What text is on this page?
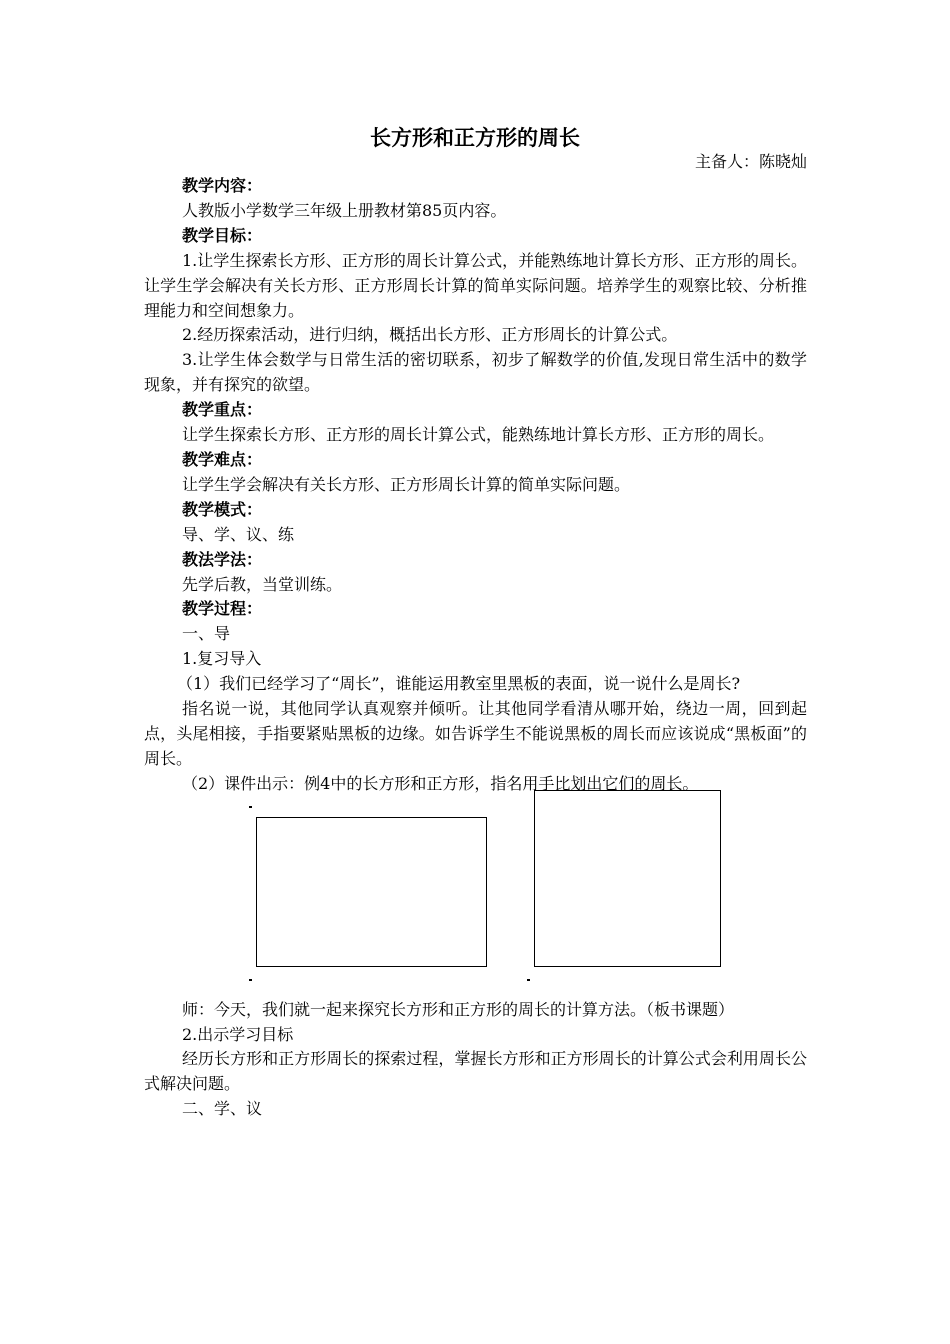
长方形和正方形的周长
主备人：陈晓灿

教学内容：

人教版小学数学三年级上册教材第85页内容。

教学目标：

1.让学生探索长方形、正方形的周长计算公式，并能熟练地计算长方形、正方形的周长。让学生学会解决有关长方形、正方形周长计算的简单实际问题。培养学生的观察比较、分析推理能力和空间想象力。

2.经历探索活动，进行归纳，概括出长方形、正方形周长的计算公式。

3.让学生体会数学与日常生活的密切联系，初步了解数学的价值,发现日常生活中的数学现象，并有探究的欲望。

教学重点：

让学生探索长方形、正方形的周长计算公式，能熟练地计算长方形、正方形的周长。

教学难点：

让学生学会解决有关长方形、正方形周长计算的简单实际问题。

教学模式：

导、学、议、练

教法学法：

先学后教，当堂训练。

教学过程：

一、导

1.复习导入

（1）我们已经学习了“周长”，谁能运用教室里黑板的表面，说一说什么是周长?

指名说一说，其他同学认真观察并倾听。让其他同学看清从哪开始，绕边一周，回到起点，头尾相接，手指要紧贴黑板的边缘。如告诉学生不能说黑板的周长而应该说成“黑板面”的周长。

（2）课件出示：例4中的长方形和正方形，指名用手比划出它们的周长。

师：今天，我们就一起来探究长方形和正方形的周长的计算方法。（板书课题）

2.出示学习目标

经历长方形和正方形周长的探索过程，掌握长方形和正方形周长的计算公式会利用周长公式解决问题。

二、学、议
